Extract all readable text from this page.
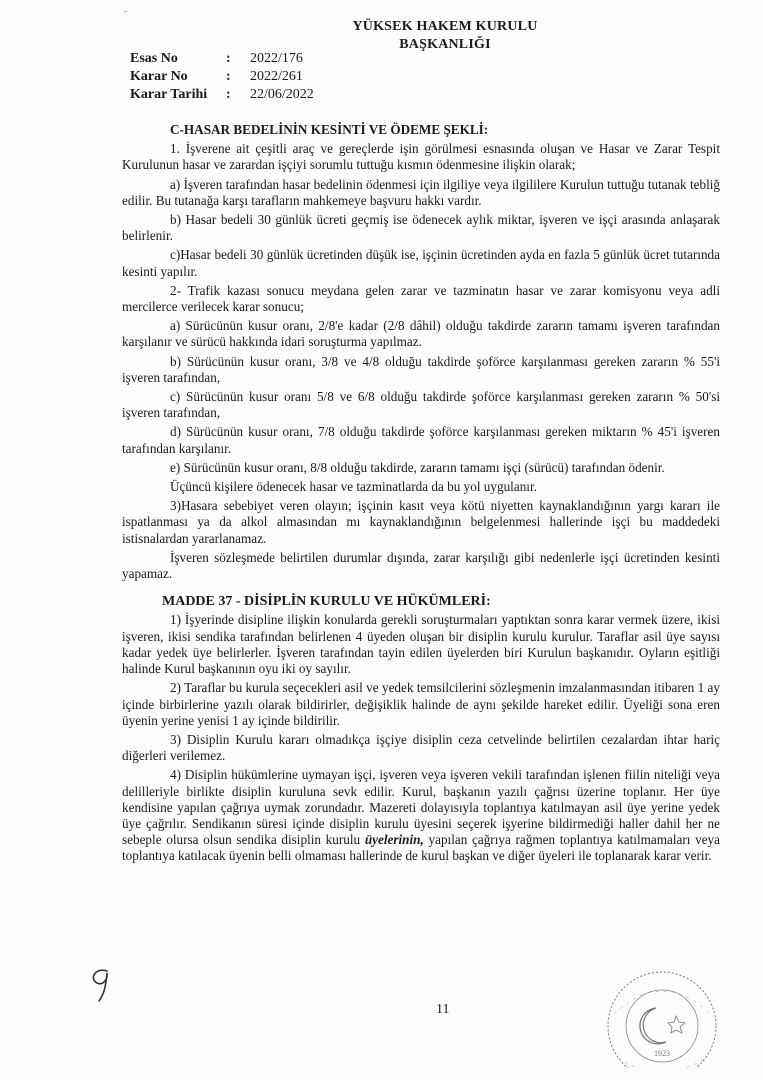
ˉ
YÜKSEK HAKEM KURULU
BAŞKANLIĞI
Esas No	:	2022/176
Karar No	:	2022/261
Karar Tarihi	:	22/06/2022

C-HASAR BEDELİNİN KESİNTİ VE ÖDEME ŞEKLİ:

1. İşverene ait çeşitli araç ve gereçlerde işin görülmesi esnasında oluşan ve Hasar ve Zarar Tespit Kurulunun hasar ve zarardan işçiyi sorumlu tuttuğu kısmın ödenmesine ilişkin olarak;

a) İşveren tarafından hasar bedelinin ödenmesi için ilgiliye veya ilgililere Kurulun tuttuğu tutanak tebliğ edilir. Bu tutanağa karşı tarafların mahkemeye başvuru hakkı vardır.

b) Hasar bedeli 30 günlük ücreti geçmiş ise ödenecek aylık miktar, işveren ve işçi arasında anlaşarak belirlenir.

c)Hasar bedeli 30 günlük ücretinden düşük ise, işçinin ücretinden ayda en fazla 5 günlük ücret tutarında kesinti yapılır.

2- Trafik kazası sonucu meydana gelen zarar ve tazminatın hasar ve zarar komisyonu veya adli mercilerce verilecek karar sonucu;

a) Sürücünün kusur oranı, 2/8'e kadar (2/8 dâhil) olduğu takdirde zararın tamamı işveren tarafından karşılanır ve sürücü hakkında idari soruşturma yapılmaz.

b) Sürücünün kusur oranı, 3/8 ve 4/8 olduğu takdirde şoförce karşılanması gereken zararın % 55'i işveren tarafından,

c) Sürücünün kusur oranı 5/8 ve 6/8 olduğu takdirde şoförce karşılanması gereken zararın % 50'si işveren tarafından,

d) Sürücünün kusur oranı, 7/8 olduğu takdirde şoförce karşılanması gereken miktarın % 45'i işveren tarafından karşılanır.

e) Sürücünün kusur oranı, 8/8 olduğu takdirde, zararın tamamı işçi (sürücü) tarafından ödenir.

Üçüncü kişilere ödenecek hasar ve tazminatlarda da bu yol uygulanır.

3)Hasara sebebiyet veren olayın; işçinin kasıt veya kötü niyetten kaynaklandığının yargı kararı ile ispatlanması ya da alkol almasından mı kaynaklandığının belgelenmesi hallerinde işçi bu maddedeki istisnalardan yararlanamaz.

İşveren sözleşmede belirtilen durumlar dışında, zarar karşılığı gibi nedenlerle işçi ücretinden kesinti yapamaz.

MADDE 37 - DİSİPLİN KURULU VE HÜKÜMLERİ:

1) İşyerinde disipline ilişkin konularda gerekli soruşturmaları yaptıktan sonra karar vermek üzere, ikisi işveren, ikisi sendika tarafından belirlenen 4 üyeden oluşan bir disiplin kurulu kurulur. Taraflar asil üye sayısı kadar yedek üye belirlerler. İşveren tarafından tayin edilen üyelerden biri Kurulun başkanıdır. Oyların eşitliği halinde Kurul başkanının oyu iki oy sayılır.

2) Taraflar bu kurula seçecekleri asil ve yedek temsilcilerini sözleşmenin imzalanmasından itibaren 1 ay içinde birbirlerine yazılı olarak bildirirler, değişiklik halinde de aynı şekilde hareket edilir. Üyeliği sona eren üyenin yerine yenisi 1 ay içinde bildirilir.

3) Disiplin Kurulu kararı olmadıkça işçiye disiplin ceza cetvelinde belirtilen cezalardan ihtar hariç diğerleri verilemez.

4) Disiplin hükümlerine uymayan işçi, işveren veya işveren vekili tarafından işlenen fiilin niteliği veya delilleriyle birlikte disiplin kuruluna sevk edilir. Kurul, başkanın yazılı çağrısı üzerine toplanır. Her üye kendisine yapılan çağrıya uymak zorundadır. Mazereti dolayısıyla toplantıya katılmayan asil üye yerine yedek üye çağrılır. Sendikanın süresi içinde disiplin kurulu üyesini seçerek işyerine bildirmediği haller dahil her ne sebeple olursa olsun sendika disiplin kurulu üyelerinin, yapılan çağrıya rağmen toplantıya katılmamaları veya toplantıya katılacak üyenin belli olmaması hallerinde de kurul başkan ve diğer üyeleri ile toplanarak karar verir.

11
1923
